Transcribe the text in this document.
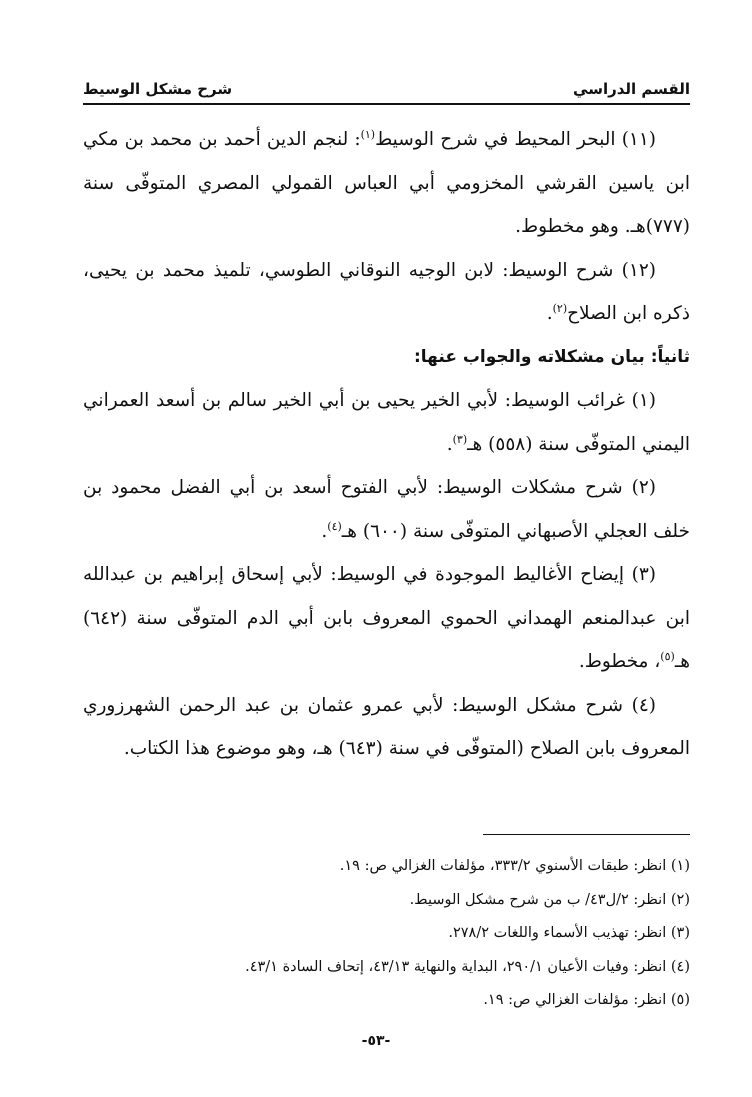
القسم الدراسي
شرح مشكل الوسيط

(١١) البحر المحيط في شرح الوسيط$^{(١)}$: لنجم الدين أحمد بن محمد بن مكي ابن ياسين القرشي المخزومي أبي العباس القمولي المصري المتوفّى سنة (٧٧٧)هـ. وهو مخطوط.

(١٢) شرح الوسيط: لابن الوجيه النوقاني الطوسي، تلميذ محمد بن يحيى، ذكره ابن الصلاح$^{(٢)}$.

ثانياً: بيان مشكلاته والجواب عنها:

(١) غرائب الوسيط: لأبي الخير يحيى بن أبي الخير سالم بن أسعد العمراني اليمني المتوفّى سنة (٥٥٨) هـ$^{(٣)}$.

(٢) شرح مشكلات الوسيط: لأبي الفتوح أسعد بن أبي الفضل محمود بن خلف العجلي الأصبهاني المتوفّى سنة (٦٠٠) هـ$^{(٤)}$.

(٣) إيضاح الأغاليط الموجودة في الوسيط: لأبي إسحاق إبراهيم بن عبدالله ابن عبدالمنعم الهمداني الحموي المعروف بابن أبي الدم المتوفّى سنة (٦٤٢) هـ$^{(٥)}$، مخطوط.

(٤) شرح مشكل الوسيط: لأبي عمرو عثمان بن عبد الرحمن الشهرزوري المعروف بابن الصلاح (المتوفّى في سنة (٦٤٣) هـ، وهو موضوع هذا الكتاب.

(١) انظر: طبقات الأسنوي ٣٣٣/٢، مؤلفات الغزالي ص: ١٩.

(٢) انظر: ٢/ل٤٣/ ب من شرح مشكل الوسيط.

(٣) انظر: تهذيب الأسماء واللغات ٢٧٨/٢.

(٤) انظر: وفيات الأعيان ٢٩٠/١، البداية والنهاية ٤٣/١٣، إتحاف السادة ٤٣/١.

(٥) انظر: مؤلفات الغزالي ص: ١٩.

-٥٣-
